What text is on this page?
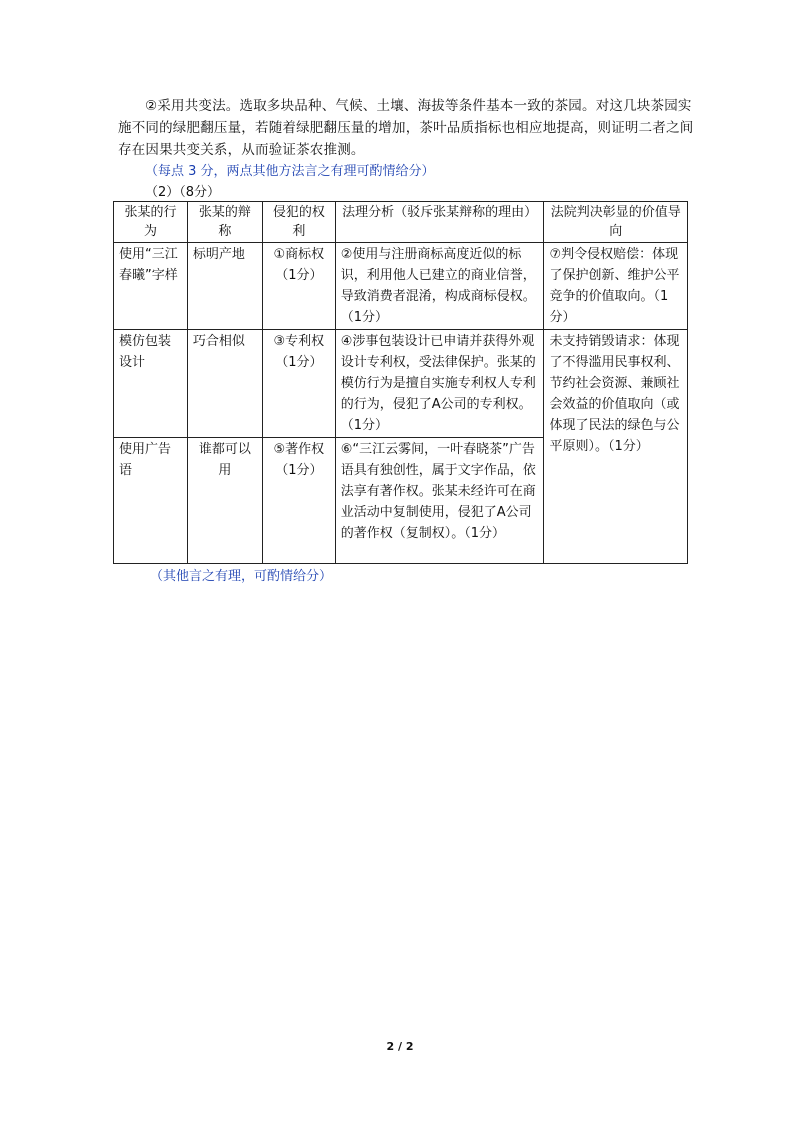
②采用共变法。选取多块品种、气候、土壤、海拔等条件基本一致的茶园。对这几块茶园实施不同的绿肥翻压量，若随着绿肥翻压量的增加，茶叶品质指标也相应地提高，则证明二者之间存在因果共变关系，从而验证茶农推测。
（每点 3 分，两点其他方法言之有理可酌情给分）
（2）（8分）
张某的行为	张某的辩称	侵犯的权利	法理分析（驳斥张某辩称的理由）	法院判决彰显的价值导向
使用“三江春曦”字样	标明产地	①商标权（1分）	②使用与注册商标高度近似的标识，利用他人已建立的商业信誉，导致消费者混淆，构成商标侵权。（1分）	⑦判令侵权赔偿：体现了保护创新、维护公平竞争的价值取向。（1分）
模仿包装设计	巧合相似	③专利权（1分）	④涉事包装设计已申请并获得外观设计专利权，受法律保护。张某的模仿行为是擅自实施专利权人专利的行为，侵犯了A公司的专利权。（1分）	未支持销毁请求：体现了不得滥用民事权利、节约社会资源、兼顾社会效益的价值取向（或体现了民法的绿色与公平原则）。（1分）
使用广告语	谁都可以用	⑤著作权（1分）	⑥“三江云雾间，一叶春晓茶”广告语具有独创性，属于文字作品，依法享有著作权。张某未经许可在商业活动中复制使用，侵犯了A公司的著作权（复制权）。（1分）	
（其他言之有理，可酌情给分）
2 / 2
